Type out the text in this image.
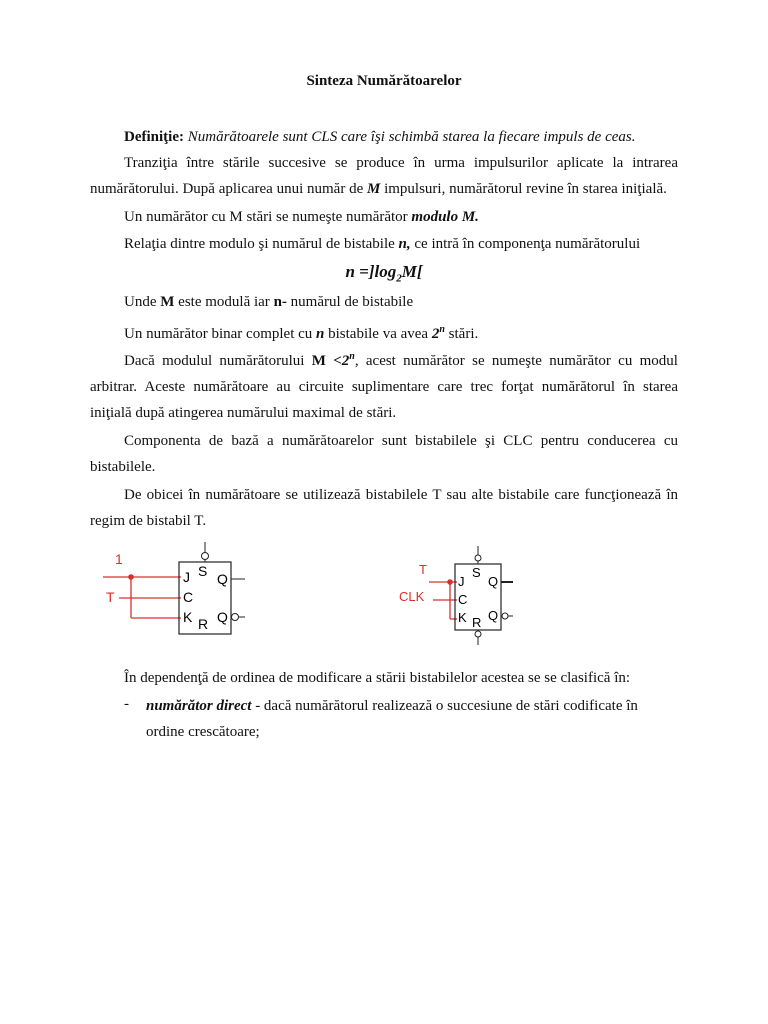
Sinteza Numărătoarelor
Definiţie: Numărătoarele sunt CLS care îşi schimbă starea la fiecare impuls de ceas.
Tranziţia între stările succesive se produce în urma impulsurilor aplicate la intrarea
numărătorului. După aplicarea unui număr de M impulsuri, numărătorul revine în starea iniţială.
Un numărător cu M stări se numeşte numărător modulo M.
Relaţia dintre modulo şi numărul de bistabile n, ce intră în componenţa numărătorului
$n =]\log_2M$[
Unde M este modulă iar n- numărul de bistabile
Un numărător binar complet cu n bistabile va avea 2$^n$ stări.
Dacă modulul numărătorului $M <2^n$, acest numărător se numeşte numărător cu modul
arbitrar. Aceste numărătoare au circuite suplimentare care trec forţat numărătorul în starea
iniţială după atingerea numărului maximal de stări.
Componenta de bază a numărătoarelor sunt bistabilele şi CLC pentru conducerea cu
bistabilele.
De obicei în numărătoare se utilizează bistabilele T sau alte bistabile care funcţionează în
regim de bistabil T.
1
T
J
C
K
S
R
Q
Q
T
CLK
J
C
K
S
R
Q
Q
În dependenţă de ordinea de modificare a stării bistabilelor acestea se se clasifică în:
- numărător direct - dacă numărătorul realizează o succesiune de stări codificate în
ordine crescătoare;
